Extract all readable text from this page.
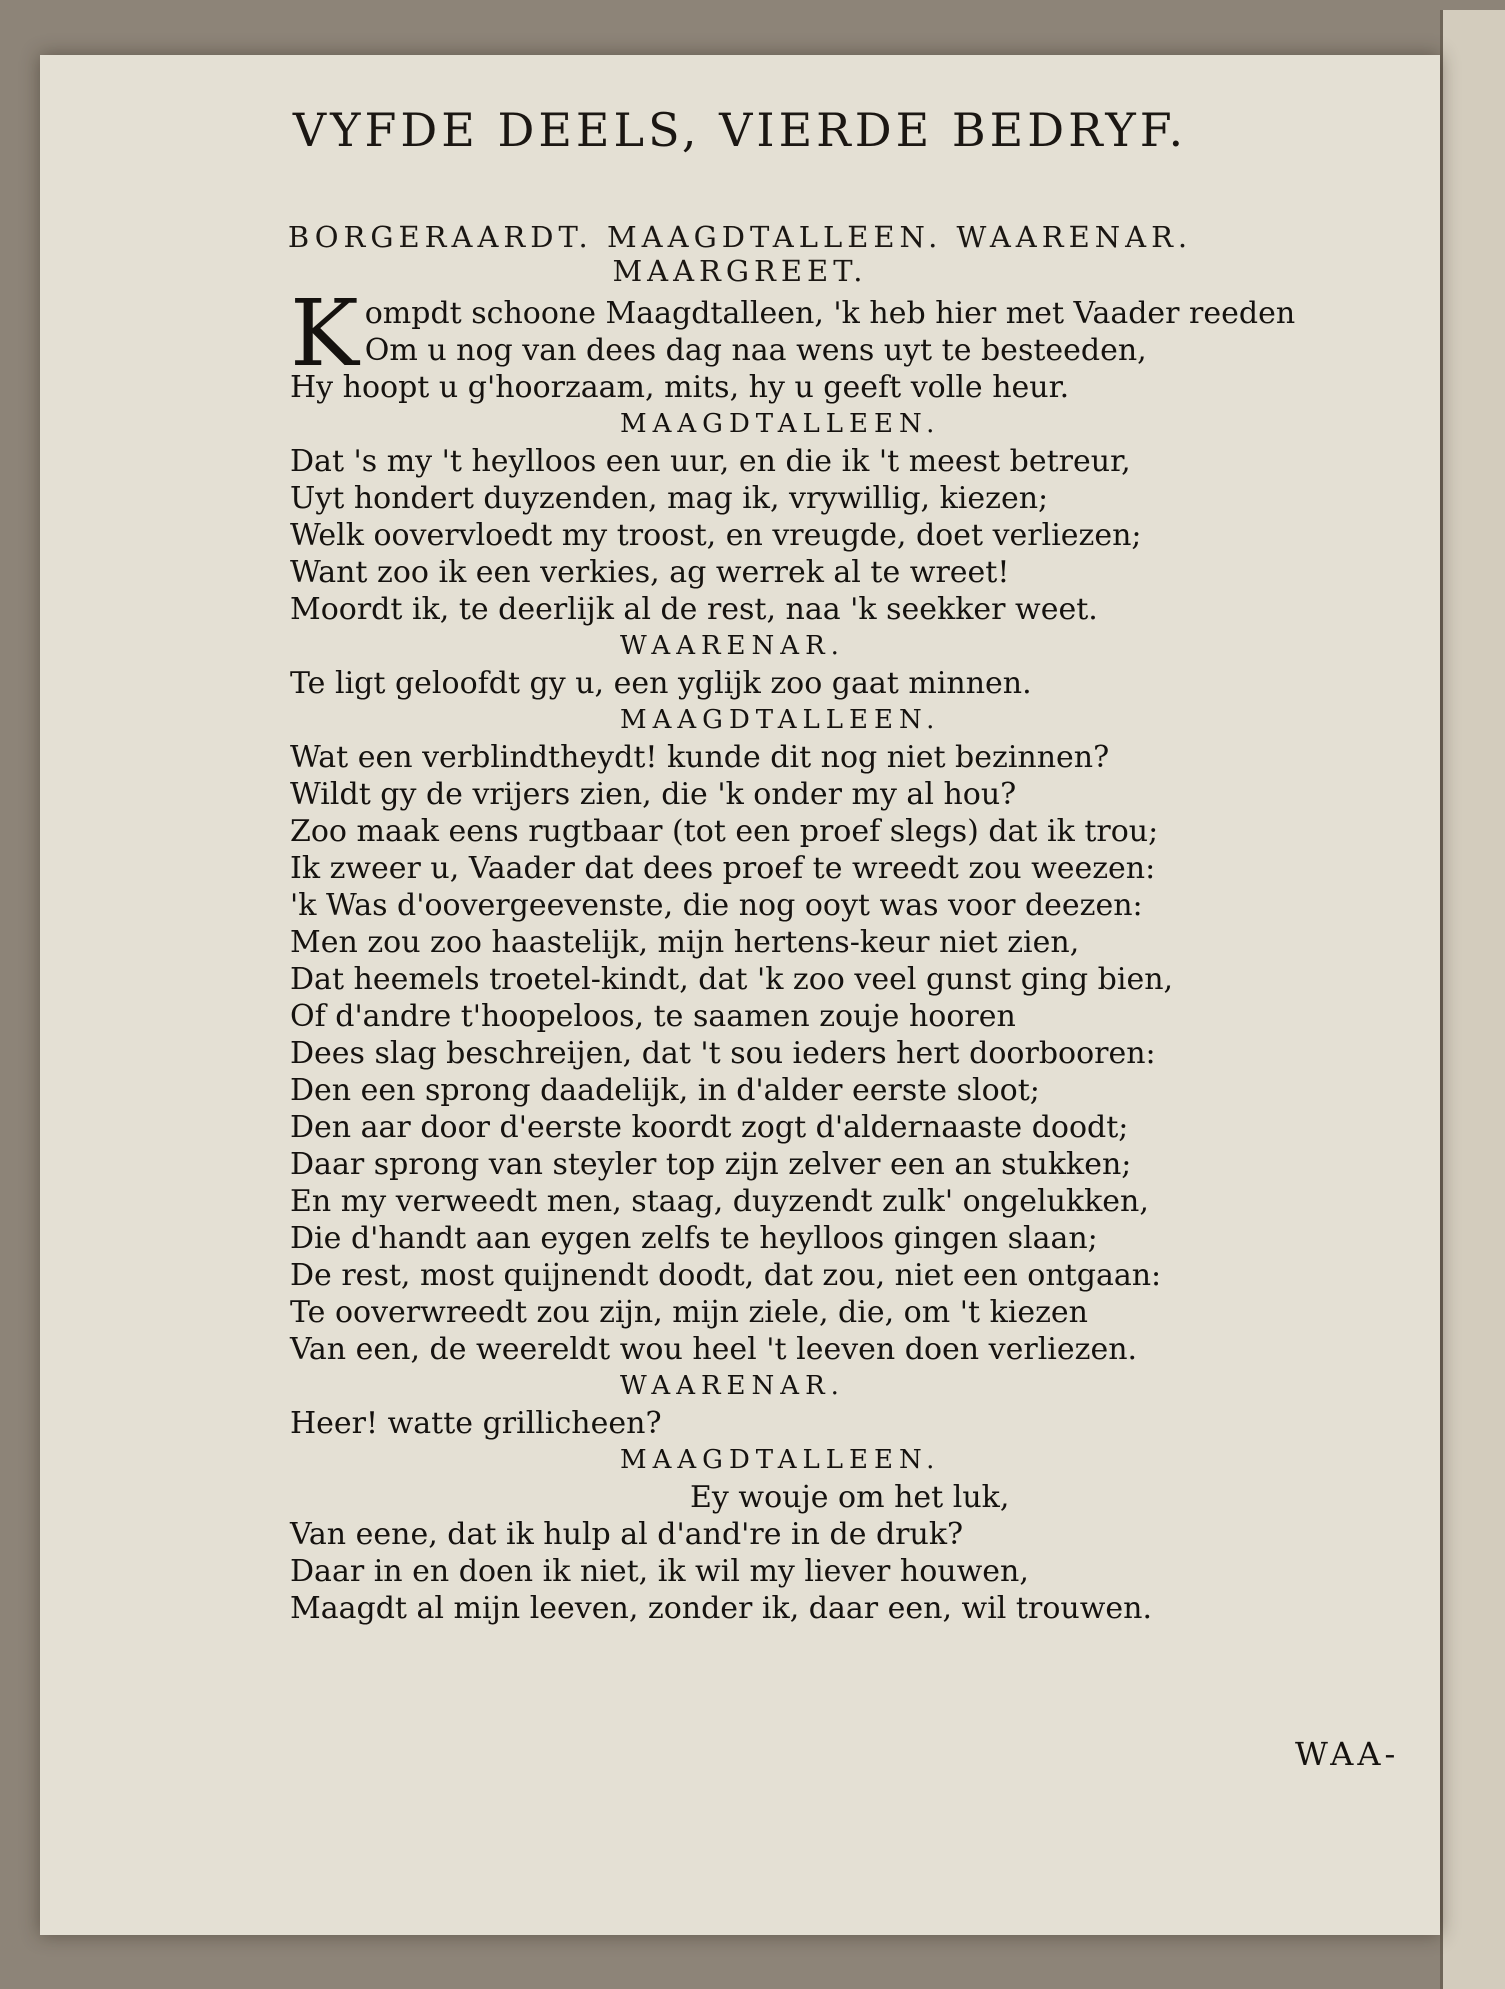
VYFDE DEELS, VIERDE BEDRYF.
BORGERAARDT. MAAGDTALLEEN. WAARENAR.
MAARGREET.
K ompdt schoone Maagdtalleen, 'k heb hier met Vaader reeden
Om u nog van dees dag naa wens uyt te besteeden,
Hy hoopt u g'hoorzaam, mits, hy u geeft volle heur.
MAAGDTALLEEN.
Dat 's my 't heylloos een uur, en die ik 't meest betreur,
Uyt hondert duyzenden, mag ik, vrywillig, kiezen;
Welk oovervloedt my troost, en vreugde, doet verliezen;
Want zoo ik een verkies, ag werrek al te wreet!
Moordt ik, te deerlijk al de rest, naa 'k seekker weet.
WAARENAR.
Te ligt geloofdt gy u, een yglijk zoo gaat minnen.
MAAGDTALLEEN.
Wat een verblindtheydt! kunde dit nog niet bezinnen?
Wildt gy de vrijers zien, die 'k onder my al hou?
Zoo maak eens rugtbaar (tot een proef slegs) dat ik trou;
Ik zweer u, Vaader dat dees proef te wreedt zou weezen:
'k Was d'oovergeevenste, die nog ooyt was voor deezen:
Men zou zoo haastelijk, mijn hertens-keur niet zien,
Dat heemels troetel-kindt, dat 'k zoo veel gunst ging bien,
Of d'andre t'hoopeloos, te saamen zouje hooren
Dees slag beschreijen, dat 't sou ieders hert doorbooren:
Den een sprong daadelijk, in d'alder eerste sloot;
Den aar door d'eerste koordt zogt d'aldernaaste doodt;
Daar sprong van steyler top zijn zelver een an stukken;
En my verweedt men, staag, duyzendt zulk' ongelukken,
Die d'handt aan eygen zelfs te heylloos gingen slaan;
De rest, most quijnendt doodt, dat zou, niet een ontgaan:
Te ooverwreedt zou zijn, mijn ziele, die, om 't kiezen
Van een, de weereldt wou heel 't leeven doen verliezen.
WAARENAR.
Heer! watte grillicheen?
MAAGDTALLEEN.
Ey wouje om het luk,
Van eene, dat ik hulp al d'and're in de druk?
Daar in en doen ik niet, ik wil my liever houwen,
Maagdt al mijn leeven, zonder ik, daar een, wil trouwen.
WAA-
